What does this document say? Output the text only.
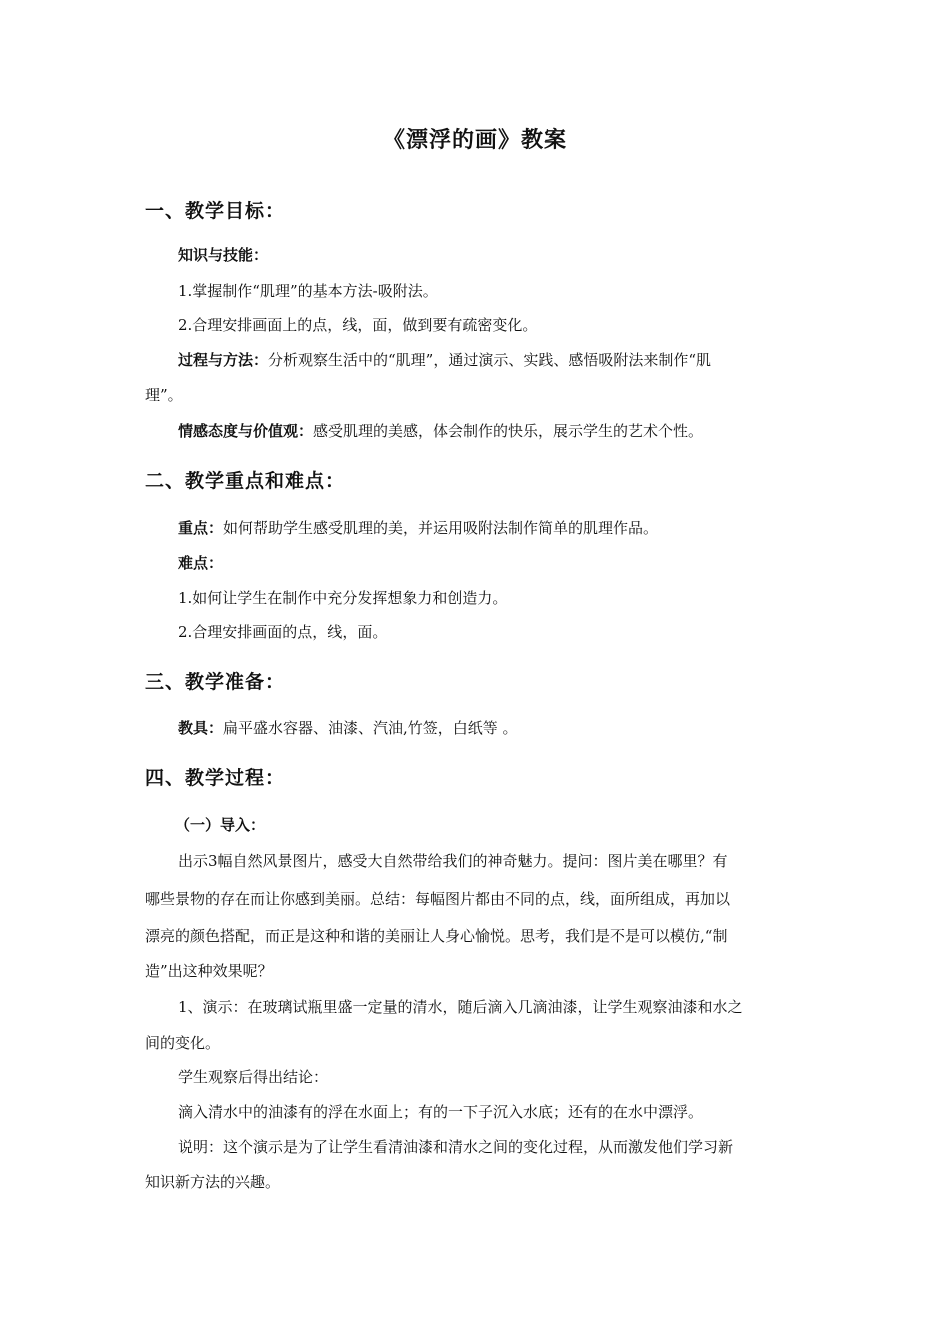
《漂浮的画》教案
一、教学目标：
知识与技能：
1.掌握制作“肌理”的基本方法-吸附法。
2.合理安排画面上的点，线，面，做到要有疏密变化。
过程与方法：分析观察生活中的“肌理”，通过演示、实践、感悟吸附法来制作“肌
理”。
情感态度与价值观：感受肌理的美感，体会制作的快乐，展示学生的艺术个性。
二、教学重点和难点：
重点：如何帮助学生感受肌理的美，并运用吸附法制作简单的肌理作品。
难点：
1.如何让学生在制作中充分发挥想象力和创造力。
2.合理安排画面的点，线，面。
三、教学准备：
教具：扁平盛水容器、油漆、汽油,竹签，白纸等 。
四、教学过程：
（一）导入：
出示3幅自然风景图片，感受大自然带给我们的神奇魅力。提问：图片美在哪里？有
哪些景物的存在而让你感到美丽。总结：每幅图片都由不同的点，线，面所组成，再加以
漂亮的颜色搭配，而正是这种和谐的美丽让人身心愉悦。思考，我们是不是可以模仿,“制
造”出这种效果呢？
1、演示：在玻璃试瓶里盛一定量的清水，随后滴入几滴油漆，让学生观察油漆和水之
间的变化。
学生观察后得出结论：
滴入清水中的油漆有的浮在水面上；有的一下子沉入水底；还有的在水中漂浮。
说明：这个演示是为了让学生看清油漆和清水之间的变化过程，从而激发他们学习新
知识新方法的兴趣。
